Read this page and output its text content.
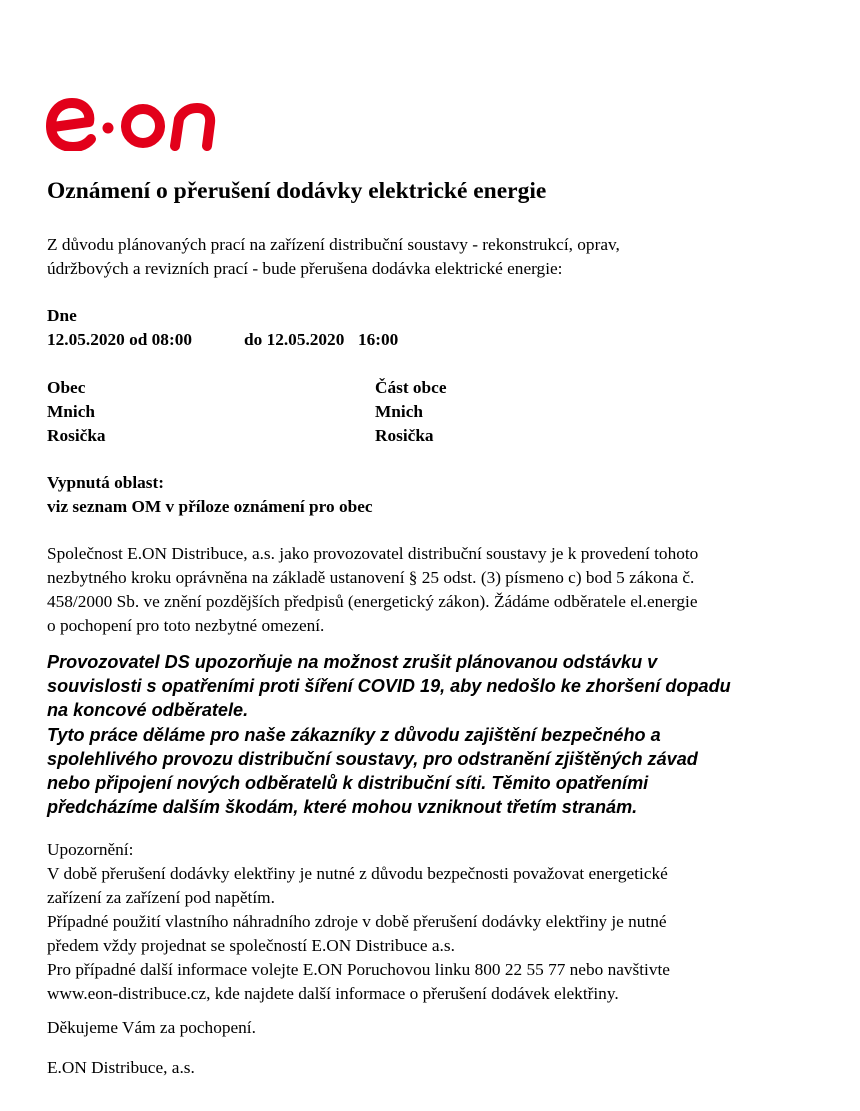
Oznámení o přerušení dodávky elektrické energie

Z důvodu plánovaných prací na zařízení distribuční soustavy - rekonstrukcí, oprav,
údržbových a revizních prací - bude přerušena dodávka elektrické energie:

Dne
12.05.2020 od 08:00	do 12.05.2020 16:00
Obec	Část obce
Mnich	Mnich
Rosička	Rosička
Vypnutá oblast:
viz seznam OM v příloze oznámení pro obec

Společnost E.ON Distribuce, a.s. jako provozovatel distribuční soustavy je k provedení tohoto
nezbytného kroku oprávněna na základě ustanovení § 25 odst. (3) písmeno c) bod 5 zákona č.
458/2000 Sb. ve znění pozdějších předpisů (energetický zákon). Žádáme odběratele el.energie
o pochopení pro toto nezbytné omezení.

Provozovatel DS upozorňuje na možnost zrušit plánovanou odstávku v
souvislosti s opatřeními proti šíření COVID 19, aby nedošlo ke zhoršení dopadu
na koncové odběratele.
Tyto práce děláme pro naše zákazníky z důvodu zajištění bezpečného a
spolehlivého provozu distribuční soustavy, pro odstranění zjištěných závad
nebo připojení nových odběratelů k distribuční síti. Těmito opatřeními
předcházíme dalším škodám, které mohou vzniknout třetím stranám.

Upozornění:
V době přerušení dodávky elektřiny je nutné z důvodu bezpečnosti považovat energetické
zařízení za zařízení pod napětím.
Případné použití vlastního náhradního zdroje v době přerušení dodávky elektřiny je nutné
předem vždy projednat se společností E.ON Distribuce a.s.
Pro případné další informace volejte E.ON Poruchovou linku 800 22 55 77 nebo navštivte
www.eon-distribuce.cz, kde najdete další informace o přerušení dodávek elektřiny.

Děkujeme Vám za pochopení.

E.ON Distribuce, a.s.
